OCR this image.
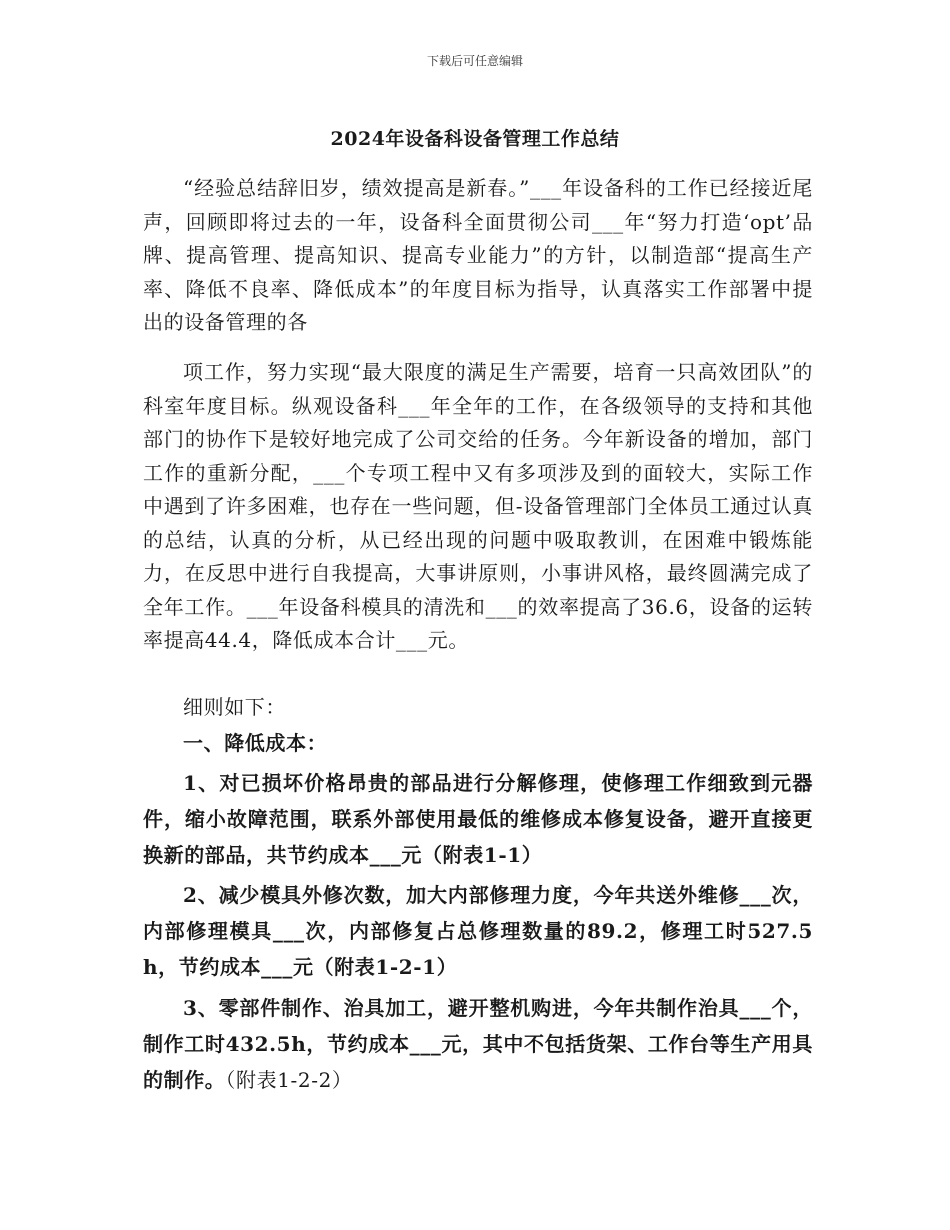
下载后可任意编辑
2024年设备科设备管理工作总结

“经验总结辞旧岁，绩效提高是新春。”___年设备科的工作已经接近尾声，回顾即将过去的一年，设备科全面贯彻公司___年“努力打造‘opt’品牌、提高管理、提高知识、提高专业能力”的方针，以制造部“提高生产率、降低不良率、降低成本”的年度目标为指导，认真落实工作部署中提出的设备管理的各

项工作，努力实现“最大限度的满足生产需要，培育一只高效团队”的科室年度目标。纵观设备科___年全年的工作，在各级领导的支持和其他部门的协作下是较好地完成了公司交给的任务。今年新设备的增加，部门工作的重新分配，___个专项工程中又有多项涉及到的面较大，实际工作中遇到了许多困难，也存在一些问题，但-设备管理部门全体员工通过认真的总结，认真的分析，从已经出现的问题中吸取教训，在困难中锻炼能力，在反思中进行自我提高，大事讲原则，小事讲风格，最终圆满完成了全年工作。___年设备科模具的清洗和___的效率提高了36.6，设备的运转率提高44.4，降低成本合计___元。

细则如下：

一、降低成本：

1、对已损坏价格昂贵的部品进行分解修理，使修理工作细致到元器件，缩小故障范围，联系外部使用最低的维修成本修复设备，避开直接更换新的部品，共节约成本___元（附表1-1）

2、减少模具外修次数，加大内部修理力度，今年共送外维修___次，内部修理模具___次，内部修复占总修理数量的89.2，修理工时527.5h，节约成本___元（附表1-2-1）

3、零部件制作、治具加工，避开整机购进，今年共制作治具___个，制作工时432.5h，节约成本___元，其中不包括货架、工作台等生产用具的制作。（附表1-2-2）
